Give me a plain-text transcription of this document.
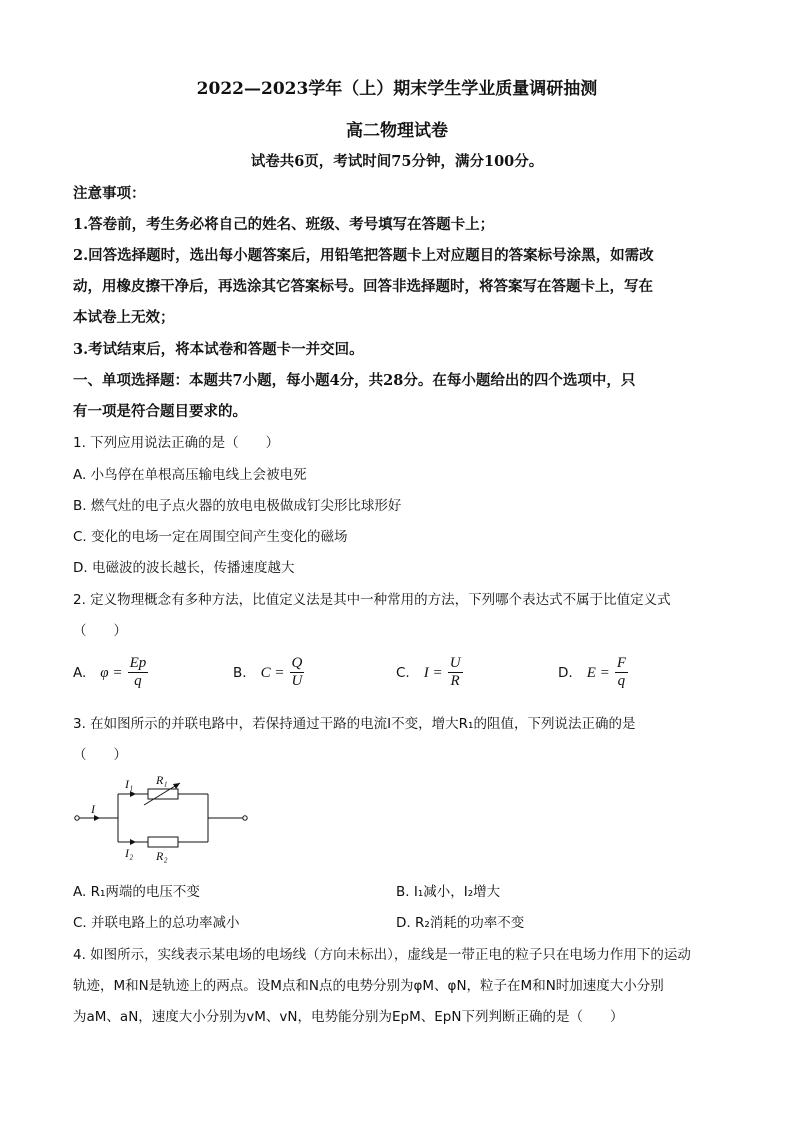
2022—2023学年（上）期末学生学业质量调研抽测
高二物理试卷
试卷共6页，考试时间75分钟，满分100分。
注意事项：
1.答卷前，考生务必将自己的姓名、班级、考号填写在答题卡上；
2.回答选择题时，选出每小题答案后，用铅笔把答题卡上对应题目的答案标号涂黑，如需改
动，用橡皮擦干净后，再选涂其它答案标号。回答非选择题时，将答案写在答题卡上，写在
本试卷上无效；
3.考试结束后，将本试卷和答题卡一并交回。
一、单项选择题：本题共7小题，每小题4分，共28分。在每小题给出的四个选项中，只
有一项是符合题目要求的。
1. 下列应用说法正确的是（　　）
A. 小鸟停在单根高压输电线上会被电死
B. 燃气灶的电子点火器的放电电极做成钉尖形比球形好
C. 变化的电场一定在周围空间产生变化的磁场
D. 电磁波的波长越长，传播速度越大
2. 定义物理概念有多种方法，比值定义法是其中一种常用的方法，下列哪个表达式不属于比值定义式
（　　）
A. $\varphi = \frac{Ep}{q}$	B. $C = \frac{Q}{U}$	C. $I = \frac{U}{R}$	D. $E = \frac{F}{q}$
3. 在如图所示的并联电路中，若保持通过干路的电流I不变，增大R₁的阻值，下列说法正确的是
（　　）
I
I₁
I₂
R₁
R₂
A. R₁两端的电压不变	B. I₁减小，I₂增大
C. 并联电路上的总功率减小	D. R₂消耗的功率不变
4. 如图所示，实线表示某电场的电场线（方向未标出），虚线是一带正电的粒子只在电场力作用下的运动
轨迹，M和N是轨迹上的两点。设M点和N点的电势分别为φM、φN，粒子在M和N时加速度大小分别
为aM、aN，速度大小分别为vM、vN，电势能分别为EpM、EpN下列判断正确的是（　　）
